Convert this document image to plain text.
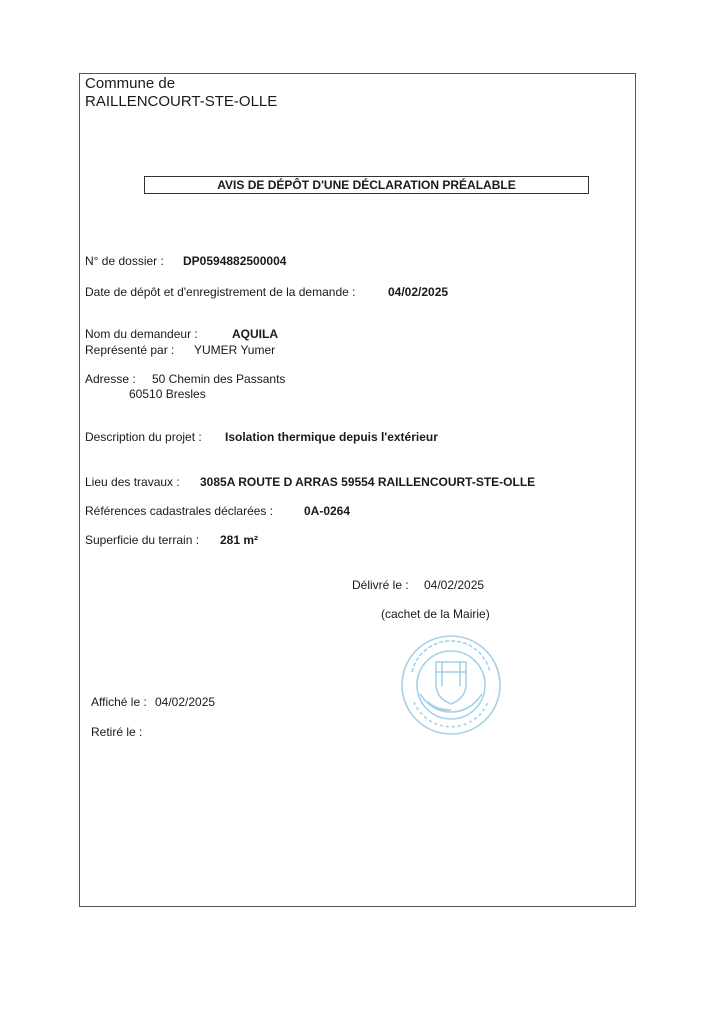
Commune de
RAILLENCOURT-STE-OLLE
AVIS DE DÉPÔT D'UNE DÉCLARATION PRÉALABLE
N° de dossier : DP0594882500004
Date de dépôt et d'enregistrement de la demande :	04/02/2025
Nom du demandeur :	AQUILA
Représenté par : YUMER Yumer
Adresse : 50 Chemin des Passants
60510 Bresles
Description du projet : Isolation thermique depuis l'extérieur
Lieu des travaux : 3085A ROUTE D ARRAS 59554 RAILLENCOURT-STE-OLLE
Références cadastrales déclarées :	0A-0264
Superficie du terrain : 281 m²
Délivré le : 04/02/2025
(cachet de la Mairie)
Affiché le : 04/02/2025
Retiré le :
